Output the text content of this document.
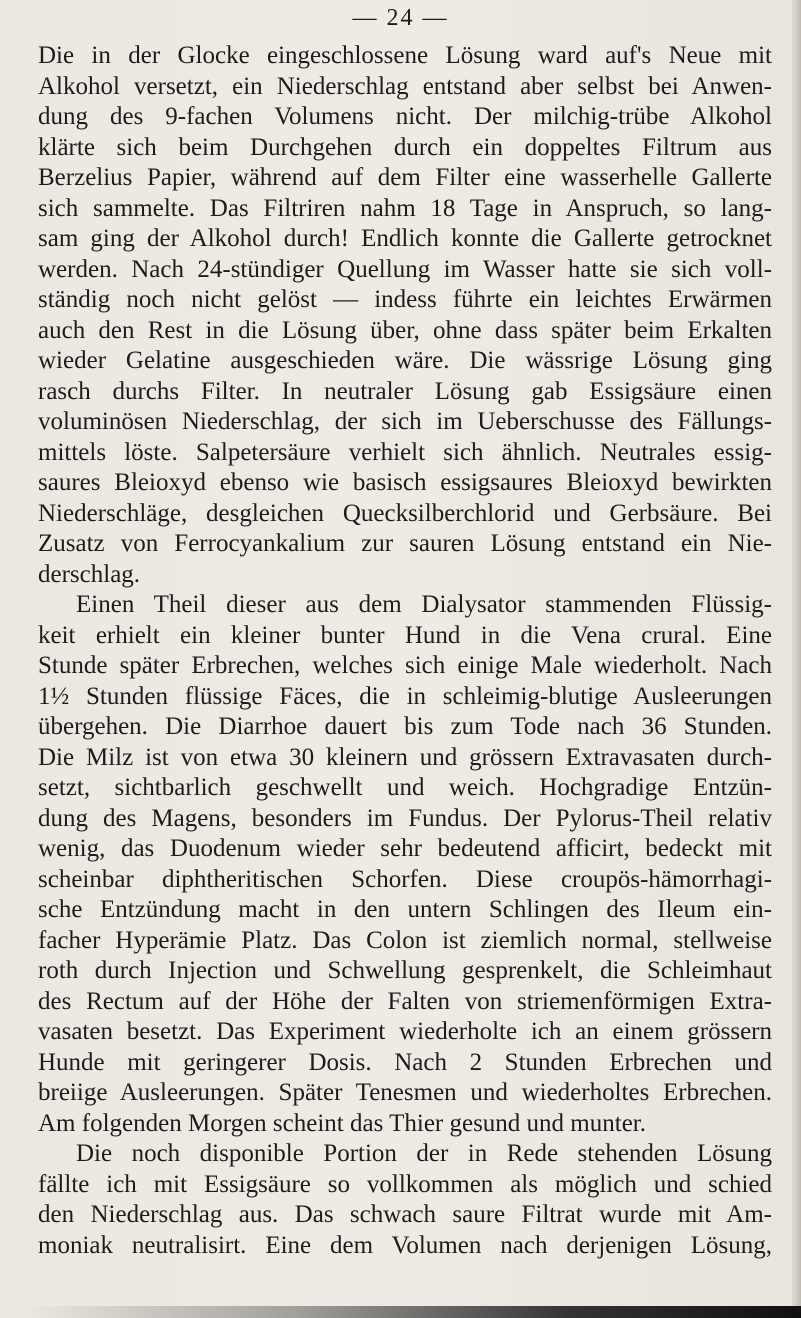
— 24 —
Die in der Glocke eingeschlossene Lösung ward auf's Neue mit
Alkohol versetzt, ein Niederschlag entstand aber selbst bei Anwen-
dung des 9-fachen Volumens nicht. Der milchig-trübe Alkohol
klärte sich beim Durchgehen durch ein doppeltes Filtrum aus
Berzelius Papier, während auf dem Filter eine wasserhelle Gallerte
sich sammelte. Das Filtriren nahm 18 Tage in Anspruch, so lang-
sam ging der Alkohol durch! Endlich konnte die Gallerte getrocknet
werden. Nach 24-stündiger Quellung im Wasser hatte sie sich voll-
ständig noch nicht gelöst — indess führte ein leichtes Erwärmen
auch den Rest in die Lösung über, ohne dass später beim Erkalten
wieder Gelatine ausgeschieden wäre. Die wässrige Lösung ging
rasch durchs Filter. In neutraler Lösung gab Essigsäure einen
voluminösen Niederschlag, der sich im Ueberschusse des Fällungs-
mittels löste. Salpetersäure verhielt sich ähnlich. Neutrales essig-
saures Bleioxyd ebenso wie basisch essigsaures Bleioxyd bewirkten
Niederschläge, desgleichen Quecksilberchlorid und Gerbsäure. Bei
Zusatz von Ferrocyankalium zur sauren Lösung entstand ein Nie-
derschlag.
Einen Theil dieser aus dem Dialysator stammenden Flüssig-
keit erhielt ein kleiner bunter Hund in die Vena crural. Eine
Stunde später Erbrechen, welches sich einige Male wiederholt. Nach
1½ Stunden flüssige Fäces, die in schleimig-blutige Ausleerungen
übergehen. Die Diarrhoe dauert bis zum Tode nach 36 Stunden.
Die Milz ist von etwa 30 kleinern und grössern Extravasaten durch-
setzt, sichtbarlich geschwellt und weich. Hochgradige Entzün-
dung des Magens, besonders im Fundus. Der Pylorus-Theil relativ
wenig, das Duodenum wieder sehr bedeutend afficirt, bedeckt mit
scheinbar diphtheritischen Schorfen. Diese croupös-hämorrhagi-
sche Entzündung macht in den untern Schlingen des Ileum ein-
facher Hyperämie Platz. Das Colon ist ziemlich normal, stellweise
roth durch Injection und Schwellung gesprenkelt, die Schleimhaut
des Rectum auf der Höhe der Falten von striemenförmigen Extra-
vasaten besetzt. Das Experiment wiederholte ich an einem grössern
Hunde mit geringerer Dosis. Nach 2 Stunden Erbrechen und
breiige Ausleerungen. Später Tenesmen und wiederholtes Erbrechen.
Am folgenden Morgen scheint das Thier gesund und munter.
Die noch disponible Portion der in Rede stehenden Lösung
fällte ich mit Essigsäure so vollkommen als möglich und schied
den Niederschlag aus. Das schwach saure Filtrat wurde mit Am-
moniak neutralisirt. Eine dem Volumen nach derjenigen Lösung,
